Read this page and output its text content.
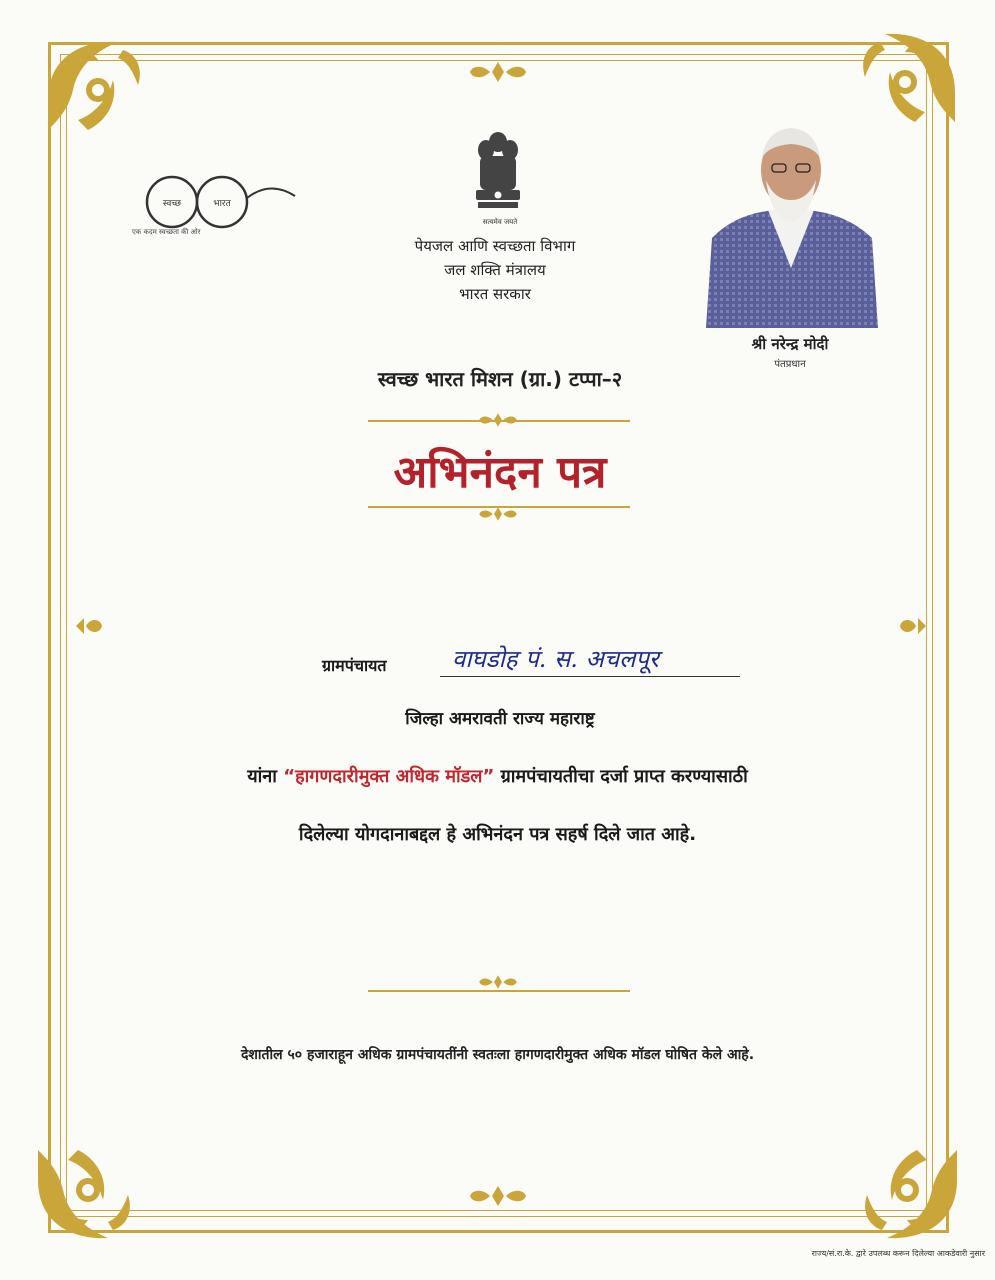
स्वच्छ	भारत
एक कदम स्वच्छता की ओर
सत्यमेव जयते
पेयजल आणि स्वच्छता विभाग
जल शक्ति मंत्रालय
भारत सरकार
श्री नरेन्द्र मोदी
पंतप्रधान
स्वच्छ भारत मिशन (ग्रा.) टप्पा–२
अभिनंदन पत्र
ग्रामपंचायत	वाघडोह पं. स. अचलपूर
जिल्हा अमरावती राज्य महाराष्ट्र
यांना “हागणदारीमुक्त अधिक मॉडल” ग्रामपंचायतीचा दर्जा प्राप्त करण्यासाठी
दिलेल्या योगदानाबद्दल हे अभिनंदन पत्र सहर्ष दिले जात आहे.
देशातील ५० हजाराहून अधिक ग्रामपंचायतींनी स्वतःला हागणदारीमुक्त अधिक मॉडल घोषित केले आहे.
राज्य/सं.रा.के. द्वारे उपलब्ध करून दिलेल्या आकडेवारी नुसार
